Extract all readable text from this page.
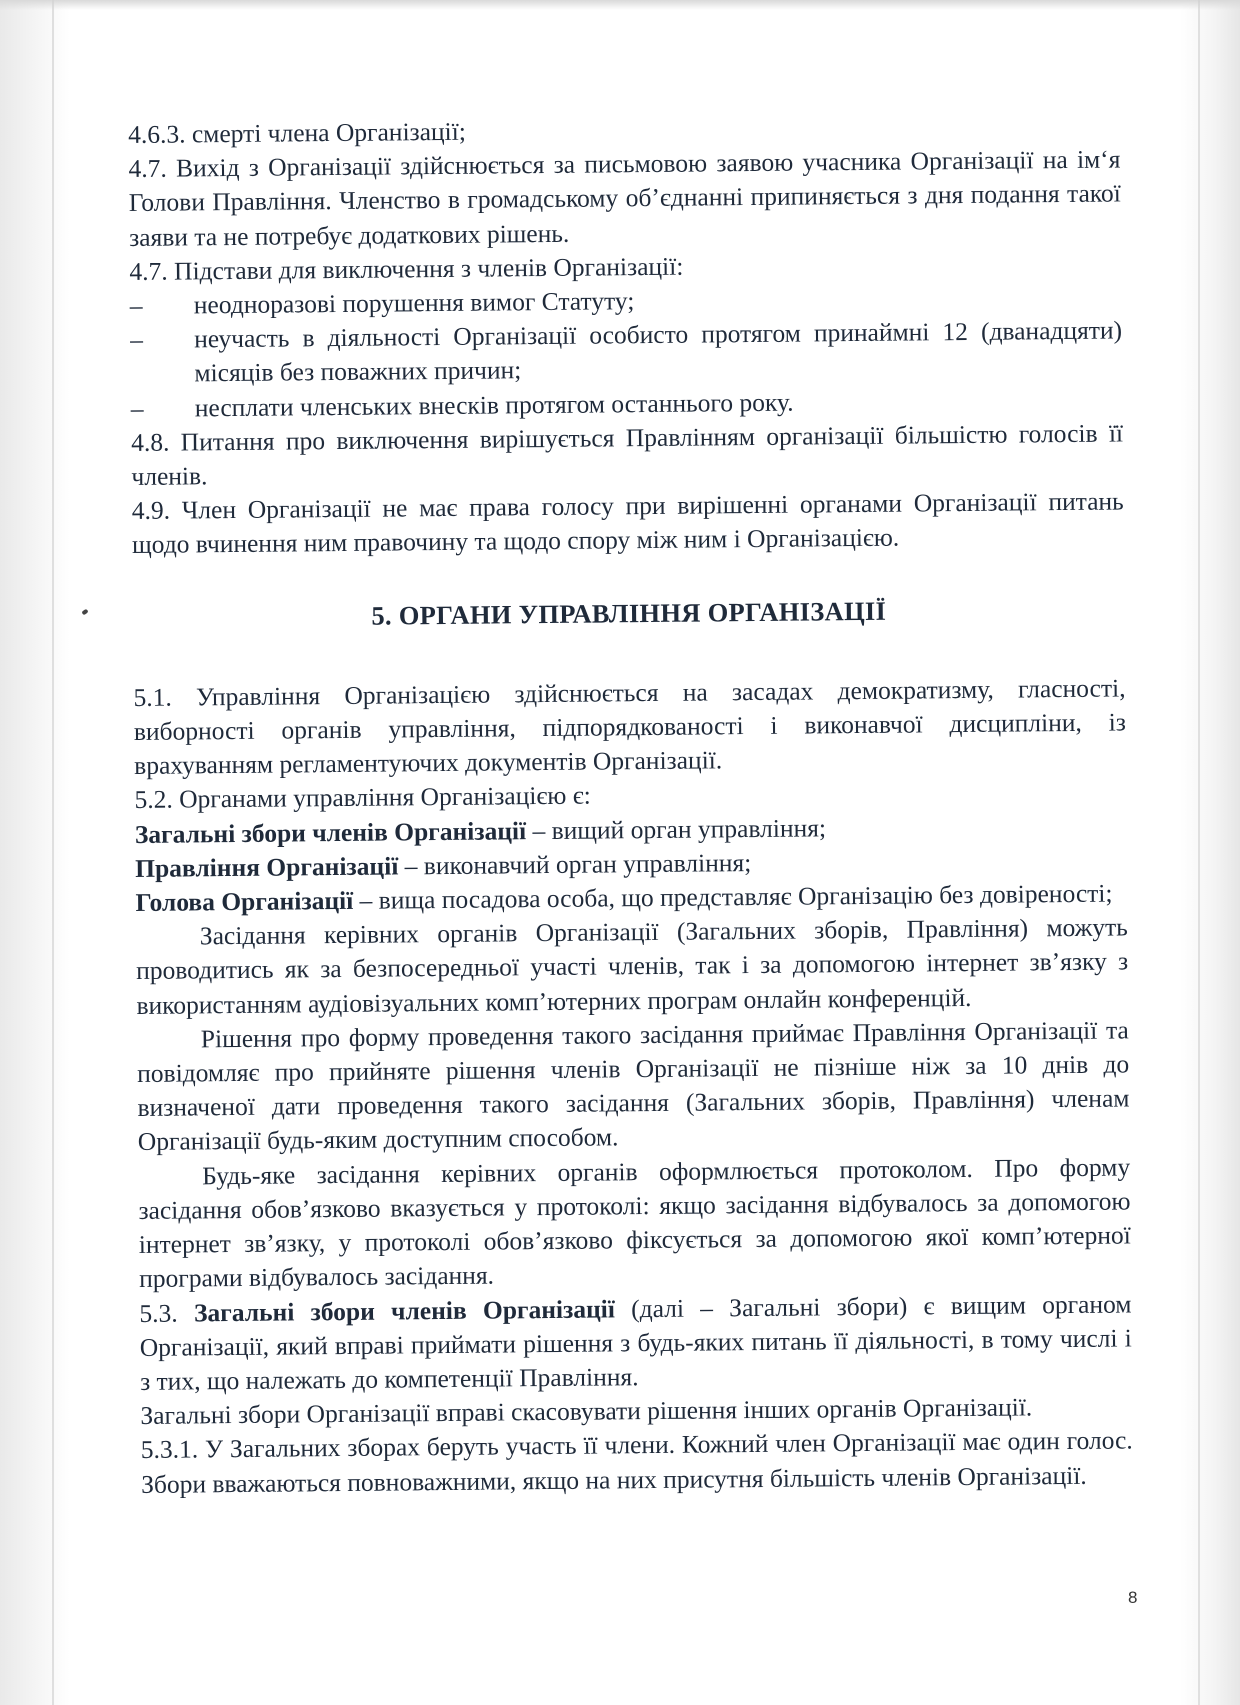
4.6.3. смерті члена Організації;

4.7. Вихід з Організації здійснюється за письмовою заявою учасника Організації на ім‘я Голови Правління. Членство в громадському об’єднанні припиняється з дня подання такої заяви та не потребує додаткових рішень.

4.7. Підстави для виключення з членів Організації:

–	неодноразові порушення вимог Статуту;
–	неучасть в діяльності Організації особисто протягом принаймні 12 (дванадцяти) місяців без поважних причин;
–	несплати членських внесків протягом останнього року.

4.8. Питання про виключення вирішується Правлінням організації більшістю голосів її членів.

4.9. Член Організації не має права голосу при вирішенні органами Організації питань щодо вчинення ним правочину та щодо спору між ним і Організацією.

5. ОРГАНИ УПРАВЛІННЯ ОРГАНІЗАЦІЇ

5.1. Управління Організацією здійснюється на засадах демократизму, гласності, виборності органів управління, підпорядкованості і виконавчої дисципліни, із врахуванням регламентуючих документів Організації.

5.2. Органами управління Організацією є:

Загальні збори членів Організації – вищий орган управління;

Правління Організації – виконавчий орган управління;

Голова Організації – вища посадова особа, що представляє Організацію без довіреності;

Засідання керівних органів Організації (Загальних зборів, Правління) можуть проводитись як за безпосередньої участі членів, так і за допомогою інтернет зв’язку з використанням аудіовізуальних комп’ютерних програм онлайн конференцій.

Рішення про форму проведення такого засідання приймає Правління Організації та повідомляє про прийняте рішення членів Організації не пізніше ніж за 10 днів до визначеної дати проведення такого засідання (Загальних зборів, Правління) членам Організації будь-яким доступним способом.

Будь-яке засідання керівних органів оформлюється протоколом. Про форму засідання обов’язково вказується у протоколі: якщо засідання відбувалось за допомогою інтернет зв’язку, у протоколі обов’язково фіксується за допомогою якої комп’ютерної програми відбувалось засідання.

5.3. Загальні збори членів Організації (далі – Загальні збори) є вищим органом Організації, який вправі приймати рішення з будь-яких питань її діяльності, в тому числі і з тих, що належать до компетенції Правління.

Загальні збори Організації вправі скасовувати рішення інших органів Організації.

5.3.1. У Загальних зборах беруть участь її члени. Кожний член Організації має один голос. Збори вважаються повноважними, якщо на них присутня більшість членів Організації.

8
